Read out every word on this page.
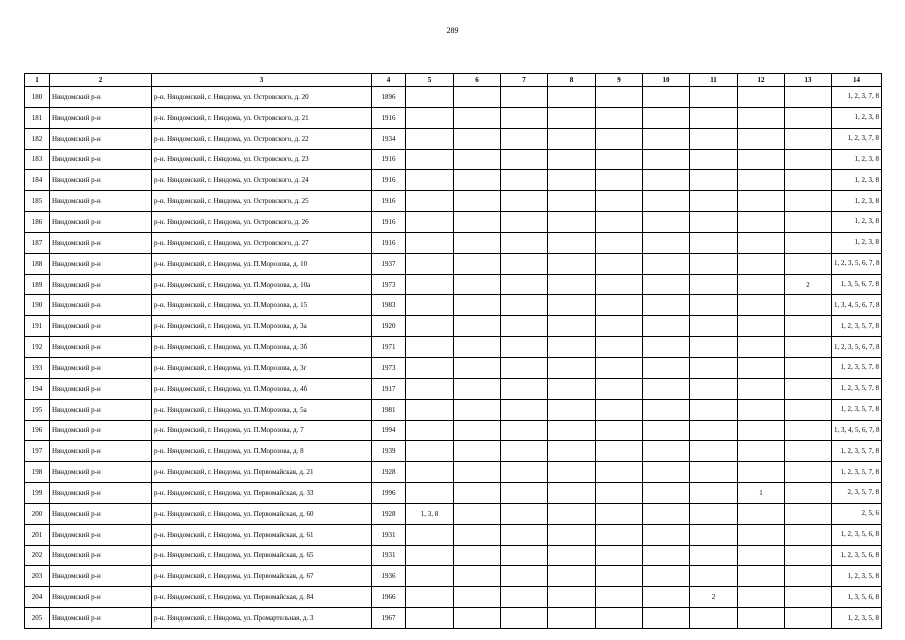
289
1	2	3	4	5	6	7	8	9	10	11	12	13	14
180	Няндомский р-н	р-н. Няндомский, г. Няндома, ул. Островского, д. 20	1896										1, 2, 3, 7, 8
181	Няндомский р-н	р-н. Няндомский, г. Няндома, ул. Островского, д. 21	1916										1, 2, 3, 8
182	Няндомский р-н	р-н. Няндомский, г. Няндома, ул. Островского, д. 22	1934										1, 2, 3, 7, 8
183	Няндомский р-н	р-н. Няндомский, г. Няндома, ул. Островского, д. 23	1916										1, 2, 3, 8
184	Няндомский р-н	р-н. Няндомский, г. Няндома, ул. Островского, д. 24	1916										1, 2, 3, 8
185	Няндомский р-н	р-н. Няндомский, г. Няндома, ул. Островского, д. 25	1916										1, 2, 3, 8
186	Няндомский р-н	р-н. Няндомский, г. Няндома, ул. Островского, д. 26	1916										1, 2, 3, 8
187	Няндомский р-н	р-н. Няндомский, г. Няндома, ул. Островского, д. 27	1916										1, 2, 3, 8
188	Няндомский р-н	р-н. Няндомский, г. Няндома, ул. П.Морозова, д. 10	1937										1, 2, 3, 5, 6, 7, 8
189	Няндомский р-н	р-н. Няндомский, г. Няндома, ул. П.Морозова, д. 10а	1973									2	1, 3, 5, 6, 7, 8
190	Няндомский р-н	р-н. Няндомский, г. Няндома, ул. П.Морозова, д. 15	1983										1, 3, 4, 5, 6, 7, 8
191	Няндомский р-н	р-н. Няндомский, г. Няндома, ул. П.Морозова, д. 3а	1920										1, 2, 3, 5, 7, 8
192	Няндомский р-н	р-н. Няндомский, г. Няндома, ул. П.Морозова, д. 3б	1971										1, 2, 3, 5, 6, 7, 8
193	Няндомский р-н	р-н. Няндомский, г. Няндома, ул. П.Морозова, д. 3г	1973										1, 2, 3, 5, 7, 8
194	Няндомский р-н	р-н. Няндомский, г. Няндома, ул. П.Морозова, д. 4б	1917										1, 2, 3, 5, 7, 8
195	Няндомский р-н	р-н. Няндомский, г. Няндома, ул. П.Морозова, д. 5а	1981										1, 2, 3, 5, 7, 8
196	Няндомский р-н	р-н. Няндомский, г. Няндома, ул. П.Морозова, д. 7	1994										1, 3, 4, 5, 6, 7, 8
197	Няндомский р-н	р-н. Няндомский, г. Няндома, ул. П.Морозова, д. 8	1939										1, 2, 3, 5, 7, 8
198	Няндомский р-н	р-н. Няндомский, г. Няндома, ул. Первомайская, д. 21	1928										1, 2, 3, 5, 7, 8
199	Няндомский р-н	р-н. Няндомский, г. Няндома, ул. Первомайская, д. 33	1996								1		2, 3, 5, 7, 8
200	Няндомский р-н	р-н. Няндомский, г. Няндома, ул. Первомайская, д. 60	1928	1, 3, 8									2, 5, 6
201	Няндомский р-н	р-н. Няндомский, г. Няндома, ул. Первомайская, д. 61	1931										1, 2, 3, 5, 6, 8
202	Няндомский р-н	р-н. Няндомский, г. Няндома, ул. Первомайская, д. 65	1931										1, 2, 3, 5, 6, 8
203	Няндомский р-н	р-н. Няндомский, г. Няндома, ул. Первомайская, д. 67	1936										1, 2, 3, 5, 8
204	Няндомский р-н	р-н. Няндомский, г. Няндома, ул. Первомайская, д. 84	1966							2			1, 3, 5, 6, 8
205	Няндомский р-н	р-н. Няндомский, г. Няндома, ул. Промартельная, д. 3	1967										1, 2, 3, 5, 8
